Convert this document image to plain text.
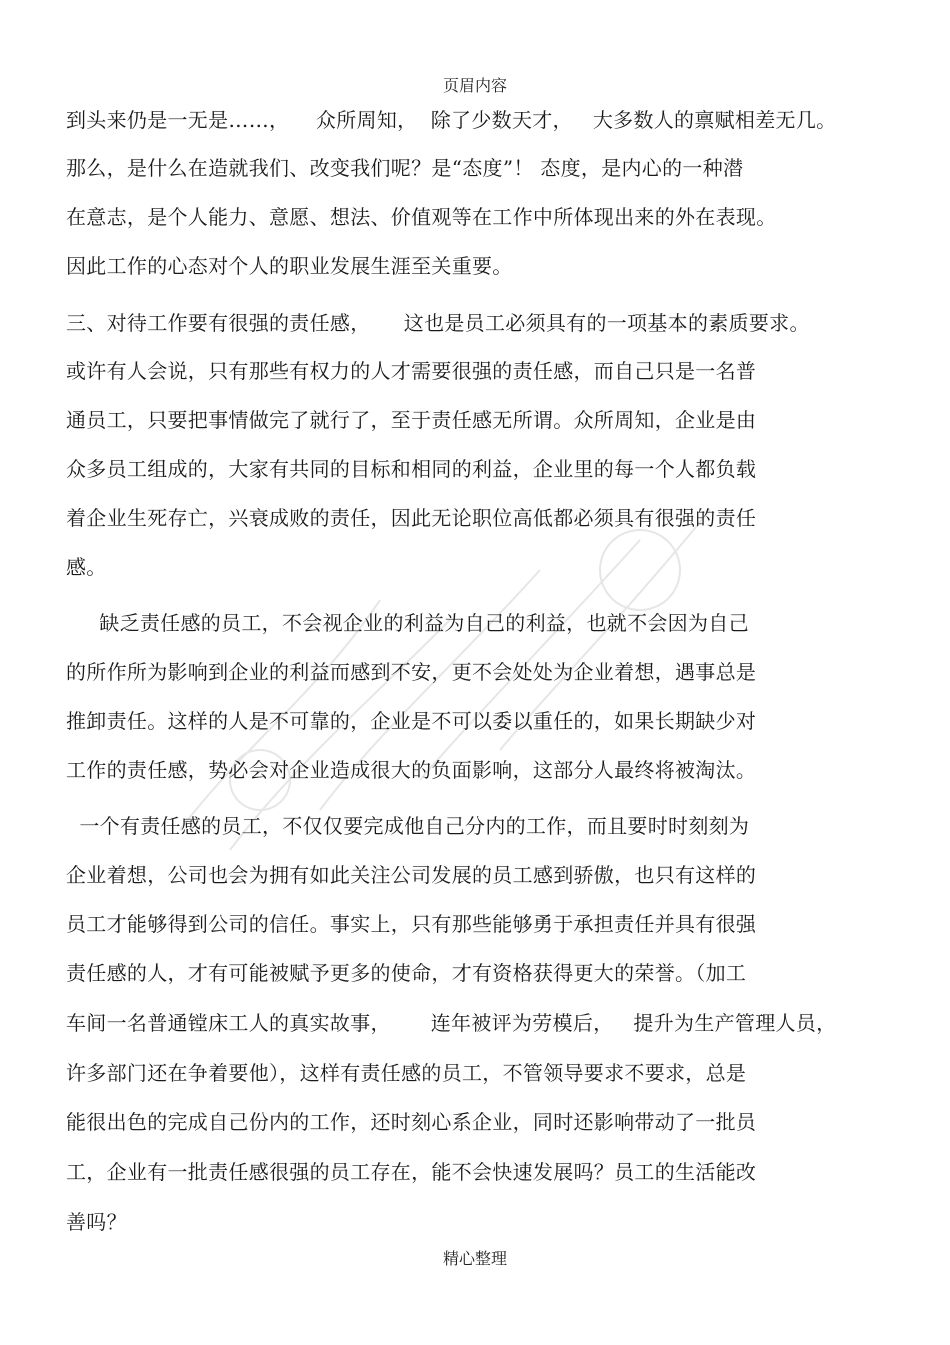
页眉内容
到头来仍是一无是……，    众所周知，  除了少数天才，   大多数人的禀赋相差无几。
那么，是什么在造就我们、改变我们呢？是“态度”！ 态度，是内心的一种潜
在意志，是个人能力、意愿、想法、价值观等在工作中所体现出来的外在表现。
因此工作的心态对个人的职业发展生涯至关重要。
三、对待工作要有很强的责任感，     这也是员工必须具有的一项基本的素质要求。
或许有人会说，只有那些有权力的人才需要很强的责任感，而自己只是一名普
通员工，只要把事情做完了就行了，至于责任感无所谓。众所周知，企业是由
众多员工组成的，大家有共同的目标和相同的利益，企业里的每一个人都负载
着企业生死存亡，兴衰成败的责任，因此无论职位高低都必须具有很强的责任
感。
缺乏责任感的员工，不会视企业的利益为自己的利益，也就不会因为自己
的所作所为影响到企业的利益而感到不安，更不会处处为企业着想，遇事总是
推卸责任。这样的人是不可靠的，企业是不可以委以重任的，如果长期缺少对
工作的责任感，势必会对企业造成很大的负面影响，这部分人最终将被淘汰。
一个有责任感的员工，不仅仅要完成他自己分内的工作，而且要时时刻刻为
企业着想，公司也会为拥有如此关注公司发展的员工感到骄傲，也只有这样的
员工才能够得到公司的信任。事实上，只有那些能够勇于承担责任并具有很强
责任感的人，才有可能被赋予更多的使命，才有资格获得更大的荣誉。（加工
车间一名普通镗床工人的真实故事，      连年被评为劳模后，   提升为生产管理人员，
许多部门还在争着要他），这样有责任感的员工，不管领导要求不要求，总是
能很出色的完成自己份内的工作，还时刻心系企业，同时还影响带动了一批员
工，企业有一批责任感很强的员工存在，能不会快速发展吗？员工的生活能改
善吗？
精心整理
